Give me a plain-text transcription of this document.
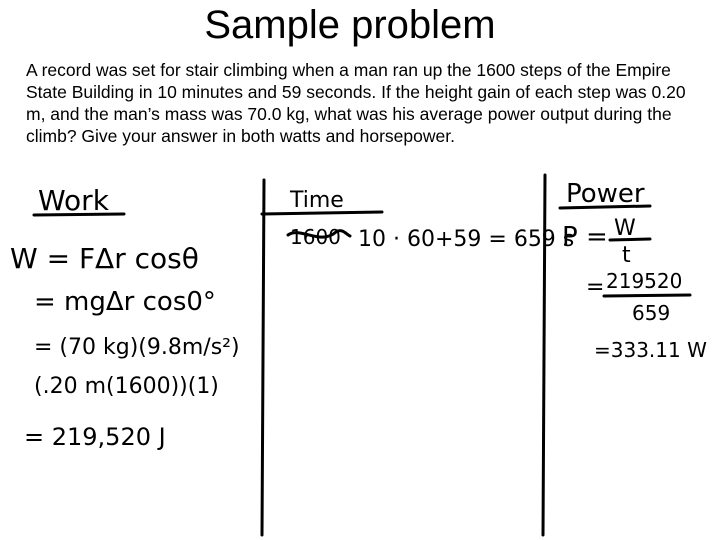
Sample problem
A record was set for stair climbing when a man ran up the 1600 steps of the Empire State Building in 10 minutes and 59 seconds. If the height gain of each step was 0.20 m, and the man’s mass was 70.0 kg, what was his average power output during the climb? Give your answer in both watts and horsepower.
Work
W = FΔr cosθ
= mgΔr cos0°
= (70 kg)(9.8m/s²)
(.20 m(1600))(1)
= 219,520 J
Time
1600 10 · 60+59 = 659 s
Power
P = W
t
= 219520
659
=333.11 W
